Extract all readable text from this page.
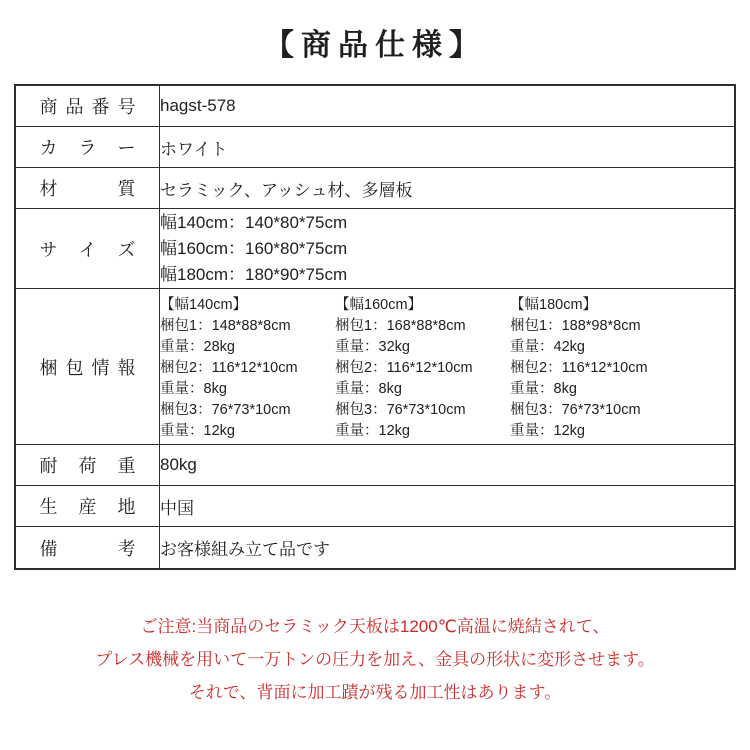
【商品仕様】
商 品 番 号	hagst-578

カ ラ ー	ホワイト

材 質	セラミック、アッシュ材、多層板

サ イ ズ	幅140cm：140*80*75cm
幅160cm：160*80*75cm
幅180cm：180*90*75cm

梱 包 情 報

【幅140cm】
梱包1：148*88*8cm
重量：28kg
梱包2：116*12*10cm
重量：8kg
梱包3：76*73*10cm
重量：12kg
【幅160cm】
梱包1：168*88*8cm
重量：32kg
梱包2：116*12*10cm
重量：8kg
梱包3：76*73*10cm
重量：12kg
【幅180cm】
梱包1：188*98*8cm
重量：42kg
梱包2：116*12*10cm
重量：8kg
梱包3：76*73*10cm
重量：12kg

耐 荷 重	80kg

生 産 地	中国

備 考	お客様組み立て品です

ご注意:当商品のセラミック天板は1200℃高温に焼結されて、

プレス機械を用いて一万トンの圧力を加え、金具の形状に変形させます。

それで、背面に加工蹟が残る加工性はあります。
